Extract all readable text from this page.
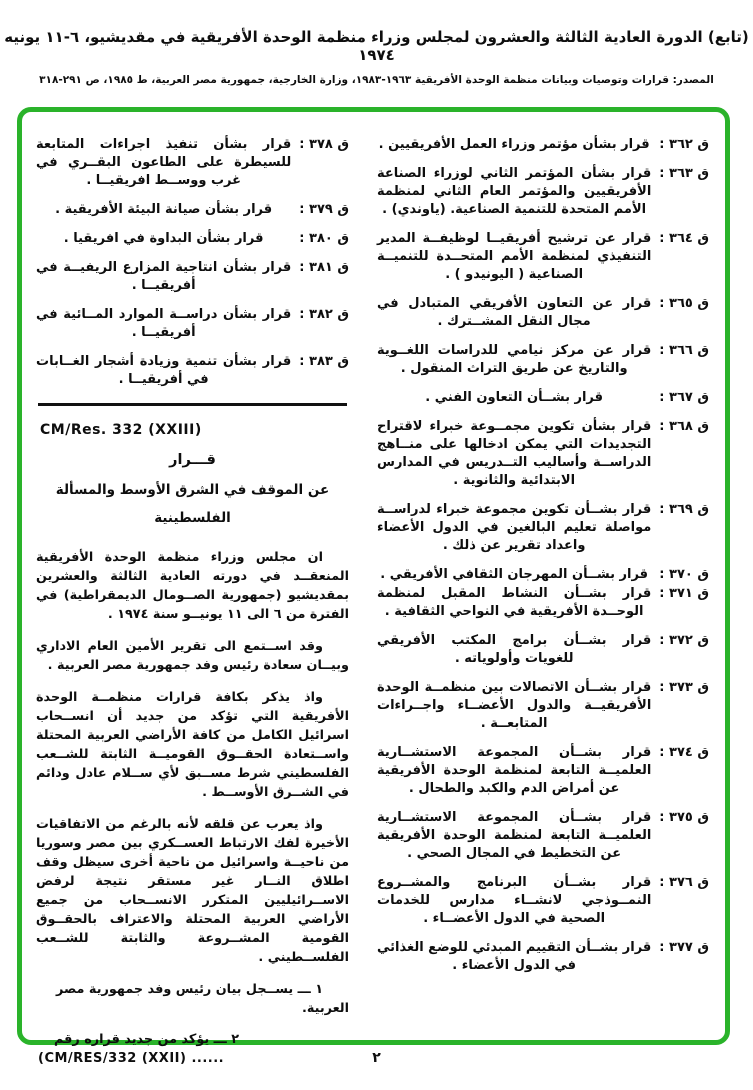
(تابع) الدورة العادية الثالثة والعشرون لمجلس وزراء منظمة الوحدة الأفريقية في مقديشيو، ٦-١١ يونيه ١٩٧٤
المصدر: قرارات وتوصيات وبيانات منظمة الوحدة الأفريقية ١٩٦٣-١٩٨٣، وزارة الخارجية، جمهورية مصر العربية، ط ١٩٨٥، ص ٢٩١-٣١٨
ق ٣٦٢ :
قرار بشأن مؤتمر وزراء العمل الأفريقيين .
ق ٣٦٣ :
قرار بشأن المؤتمر الثاني لوزراء الصناعة الأفريقيين والمؤتمر العام الثاني لمنظمة الأمم المتحدة للتنمية الصناعية. (ياوندي) .
ق ٣٦٤ :
قرار عن ترشيح أفريقيــا لوظيفــة المدير التنفيذي لمنظمة الأمم المتحــدة للتنميــة الصناعية ( اليونيدو ) .
ق ٣٦٥ :
قرار عن التعاون الأفريقي المتبادل في مجال النقل المشــترك .
ق ٣٦٦ :
قرار عن مركز نيامي للدراسات اللغــوية والتاريخ عن طريق التراث المنقول .
ق ٣٦٧ :
قرار بشــأن التعاون الفني .
ق ٣٦٨ :
قرار بشأن تكوين مجمــوعة خبراء لاقتراح التجديدات التي يمكن ادخالها على منــاهج الدراســة وأساليب التــدريس في المدارس الابتدائية والثانوية .
ق ٣٦٩ :
قرار بشــأن تكوين مجموعة خبراء لدراســة مواصلة تعليم البالغين في الدول الأعضاء واعداد تقرير عن ذلك .
ق ٣٧٠ :
قرار بشــأن المهرجان الثقافي الأفريقي .
ق ٣٧١ :
قرار بشــأن النشاط المقبل لمنظمة الوحــدة الأفريقية في النواحي الثقافية .
ق ٣٧٢ :
قرار بشــأن برامج المكتب الأفريقي للغويات وأولوياته .
ق ٣٧٣ :
قرار بشــأن الاتصالات بين منظمــة الوحدة الأفريقيــة والدول الأعضــاء واجــراءات المتابعــة .
ق ٣٧٤ :
قرار بشــأن المجموعة الاستشــارية العلميــة التابعة لمنظمة الوحدة الأفريقية عن أمراض الدم والكبد والطحال .
ق ٣٧٥ :
قرار بشــأن المجموعة الاستشــارية العلميــة التابعة لمنظمة الوحدة الأفريقية عن التخطيط في المجال الصحي .
ق ٣٧٦ :
قرار بشــأن البرنامج والمشــروع النمــوذجي لانشــاء مدارس للخدمات الصحية في الدول الأعضــاء .
ق ٣٧٧ :
قرار بشــأن التقييم المبدئي للوضع الغذائي في الدول الأعضاء .
ق ٣٧٨ :
قرار بشأن تنفيذ اجراءات المتابعة للسيطرة على الطاعون البقــري في غرب ووســط افريقيــا .
ق ٣٧٩ :
قرار بشأن صيانة البيئة الأفريقية .
ق ٣٨٠ :
قرار بشأن البداوة في افريقيا .
ق ٣٨١ :
قرار بشأن انتاجية المزارع الريفيــة في أفريقيــا .
ق ٣٨٢ :
قرار بشأن دراســة الموارد المــائية في أفريقيــا .
ق ٣٨٣ :
قرار بشأن تنمية وزيادة أشجار الغــابات في أفريقيــا .
CM/Res. 332 (XXIII)
قـــرار
عن الموقف في الشرق الأوسط والمسألة
الفلسطينية

ان مجلس وزراء منظمة الوحدة الأفريقية المنعقــد في دورته العادية الثالثة والعشرين بمقديشيو (جمهورية الصــومال الديمقراطية) في الفترة من ٦ الى ١١ يونيــو سنة ١٩٧٤ .

وقد اســتمع الى تقرير الأمين العام الاداري وبيــان سعادة رئيس وفد جمهورية مصر العربية .

واذ يذكر بكافة قرارات منظمــة الوحدة الأفريقية التي تؤكد من جديد أن انســحاب اسرائيل الكامل من كافة الأراضي العربية المحتلة واســتعادة الحقــوق القوميــة الثابتة للشــعب الفلسطيني شرط مســبق لأي ســلام عادل ودائم في الشــرق الأوســط .

واذ يعرب عن قلقه لأنه بالرغم من الاتفاقيات الأخيرة لفك الارتباط العســكري بين مصر وسوريا من ناحيــة واسرائيل من ناحية أخرى سيظل وقف اطلاق النــار غير مستقر نتيجة لرفض الاســرائيليين المتكرر الانســحاب من جميع الأراضي العربية المحتلة والاعتراف بالحقــوق القومية المشــروعة والثابتة للشــعب الفلســطيني .

١ ـــ يســجل بيان رئيس وفد جمهورية مصر العربية.

٢ ـــ يؤكد من جديد قراره رقم

(CM/RES/332 (XXII) ......	٢
